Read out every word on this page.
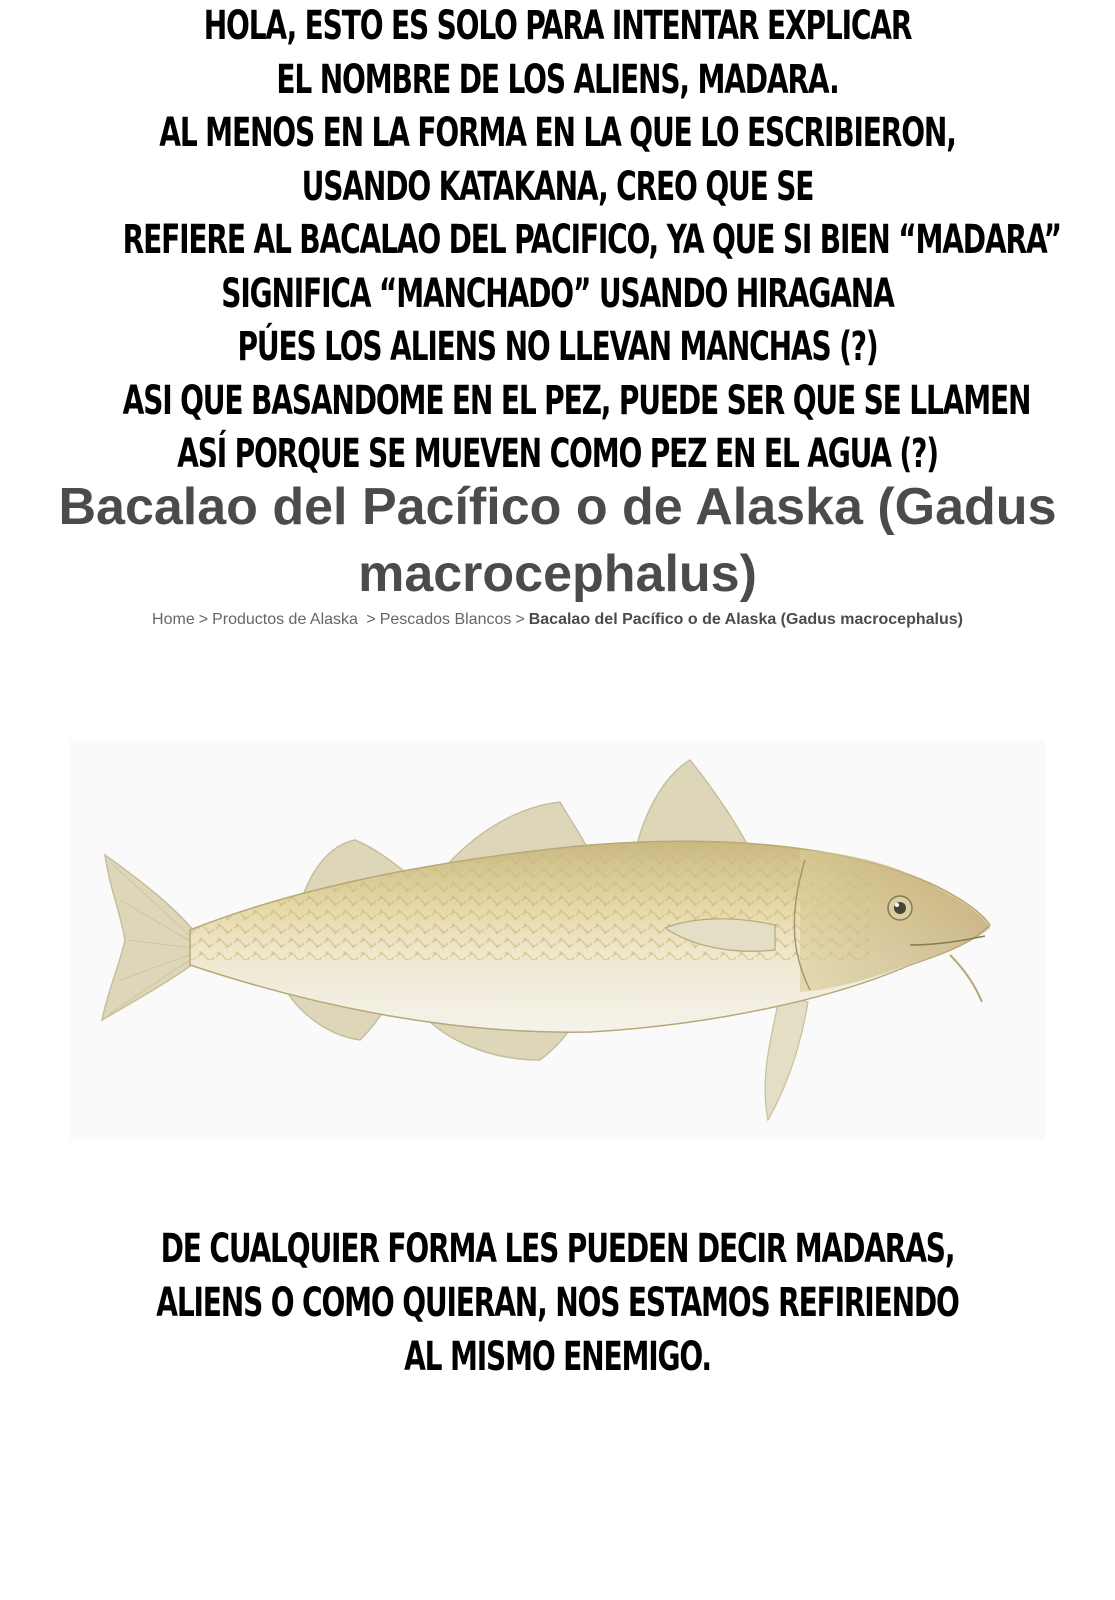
HOLA, ESTO ES SOLO PARA INTENTAR EXPLICAR
EL NOMBRE DE LOS ALIENS, MADARA.
AL MENOS EN LA FORMA EN LA QUE LO ESCRIBIERON,
USANDO KATAKANA, CREO QUE SE
REFIERE AL BACALAO DEL PACIFICO, YA QUE SI BIEN “MADARA”
SIGNIFICA “MANCHADO” USANDO HIRAGANA
PÚES LOS ALIENS NO LLEVAN MANCHAS (?)
ASI QUE BASANDOME EN EL PEZ, PUEDE SER QUE SE LLAMEN
ASÍ PORQUE SE MUEVEN COMO PEZ EN EL AGUA (?)
Bacalao del Pacífico o de Alaska (Gadus macrocephalus)
Home > Productos de Alaska > Pescados Blancos > Bacalao del Pacífico o de Alaska (Gadus macrocephalus)
DE CUALQUIER FORMA LES PUEDEN DECIR MADARAS,
ALIENS O COMO QUIERAN, NOS ESTAMOS REFIRIENDO
AL MISMO ENEMIGO.
